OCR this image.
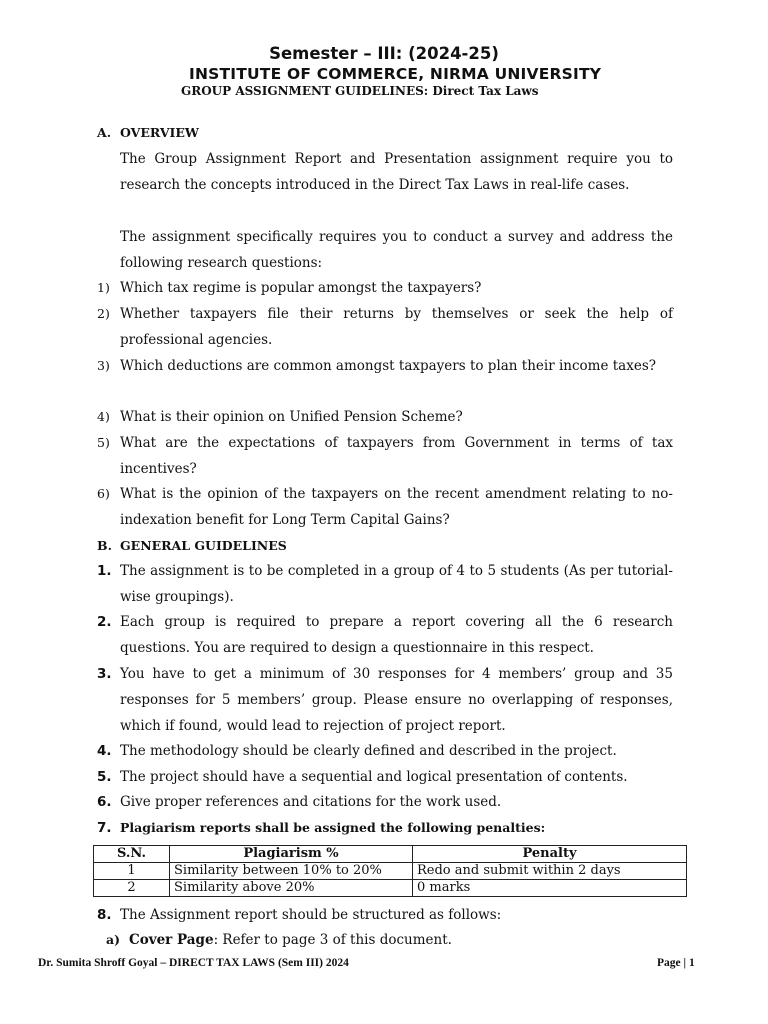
Semester – III: (2024-25)
INSTITUTE OF COMMERCE, NIRMA UNIVERSITY
GROUP ASSIGNMENT GUIDELINES: Direct Tax Laws
A. OVERVIEW
The Group Assignment Report and Presentation assignment require you to research the concepts introduced in the Direct Tax Laws in real-life cases.
The assignment specifically requires you to conduct a survey and address the following research questions:
1) Which tax regime is popular amongst the taxpayers?
2) Whether taxpayers file their returns by themselves or seek the help of professional agencies.
3) Which deductions are common amongst taxpayers to plan their income taxes?
4) What is their opinion on Unified Pension Scheme?
5) What are the expectations of taxpayers from Government in terms of tax incentives?
6) What is the opinion of the taxpayers on the recent amendment relating to no-indexation benefit for Long Term Capital Gains?
B. GENERAL GUIDELINES
1. The assignment is to be completed in a group of 4 to 5 students (As per tutorial-wise groupings).
2. Each group is required to prepare a report covering all the 6 research questions. You are required to design a questionnaire in this respect.
3. You have to get a minimum of 30 responses for 4 members’ group and 35 responses for 5 members’ group. Please ensure no overlapping of responses, which if found, would lead to rejection of project report.
4. The methodology should be clearly defined and described in the project.
5. The project should have a sequential and logical presentation of contents.
6. Give proper references and citations for the work used.
7. Plagiarism reports shall be assigned the following penalties:
S.N.	Plagiarism %	Penalty
1	Similarity between 10% to 20%	Redo and submit within 2 days
2	Similarity above 20%	0 marks
8. The Assignment report should be structured as follows:
a) Cover Page: Refer to page 3 of this document.
Dr. Sumita Shroff Goyal – DIRECT TAX LAWS (Sem III) 2024	Page | 1
